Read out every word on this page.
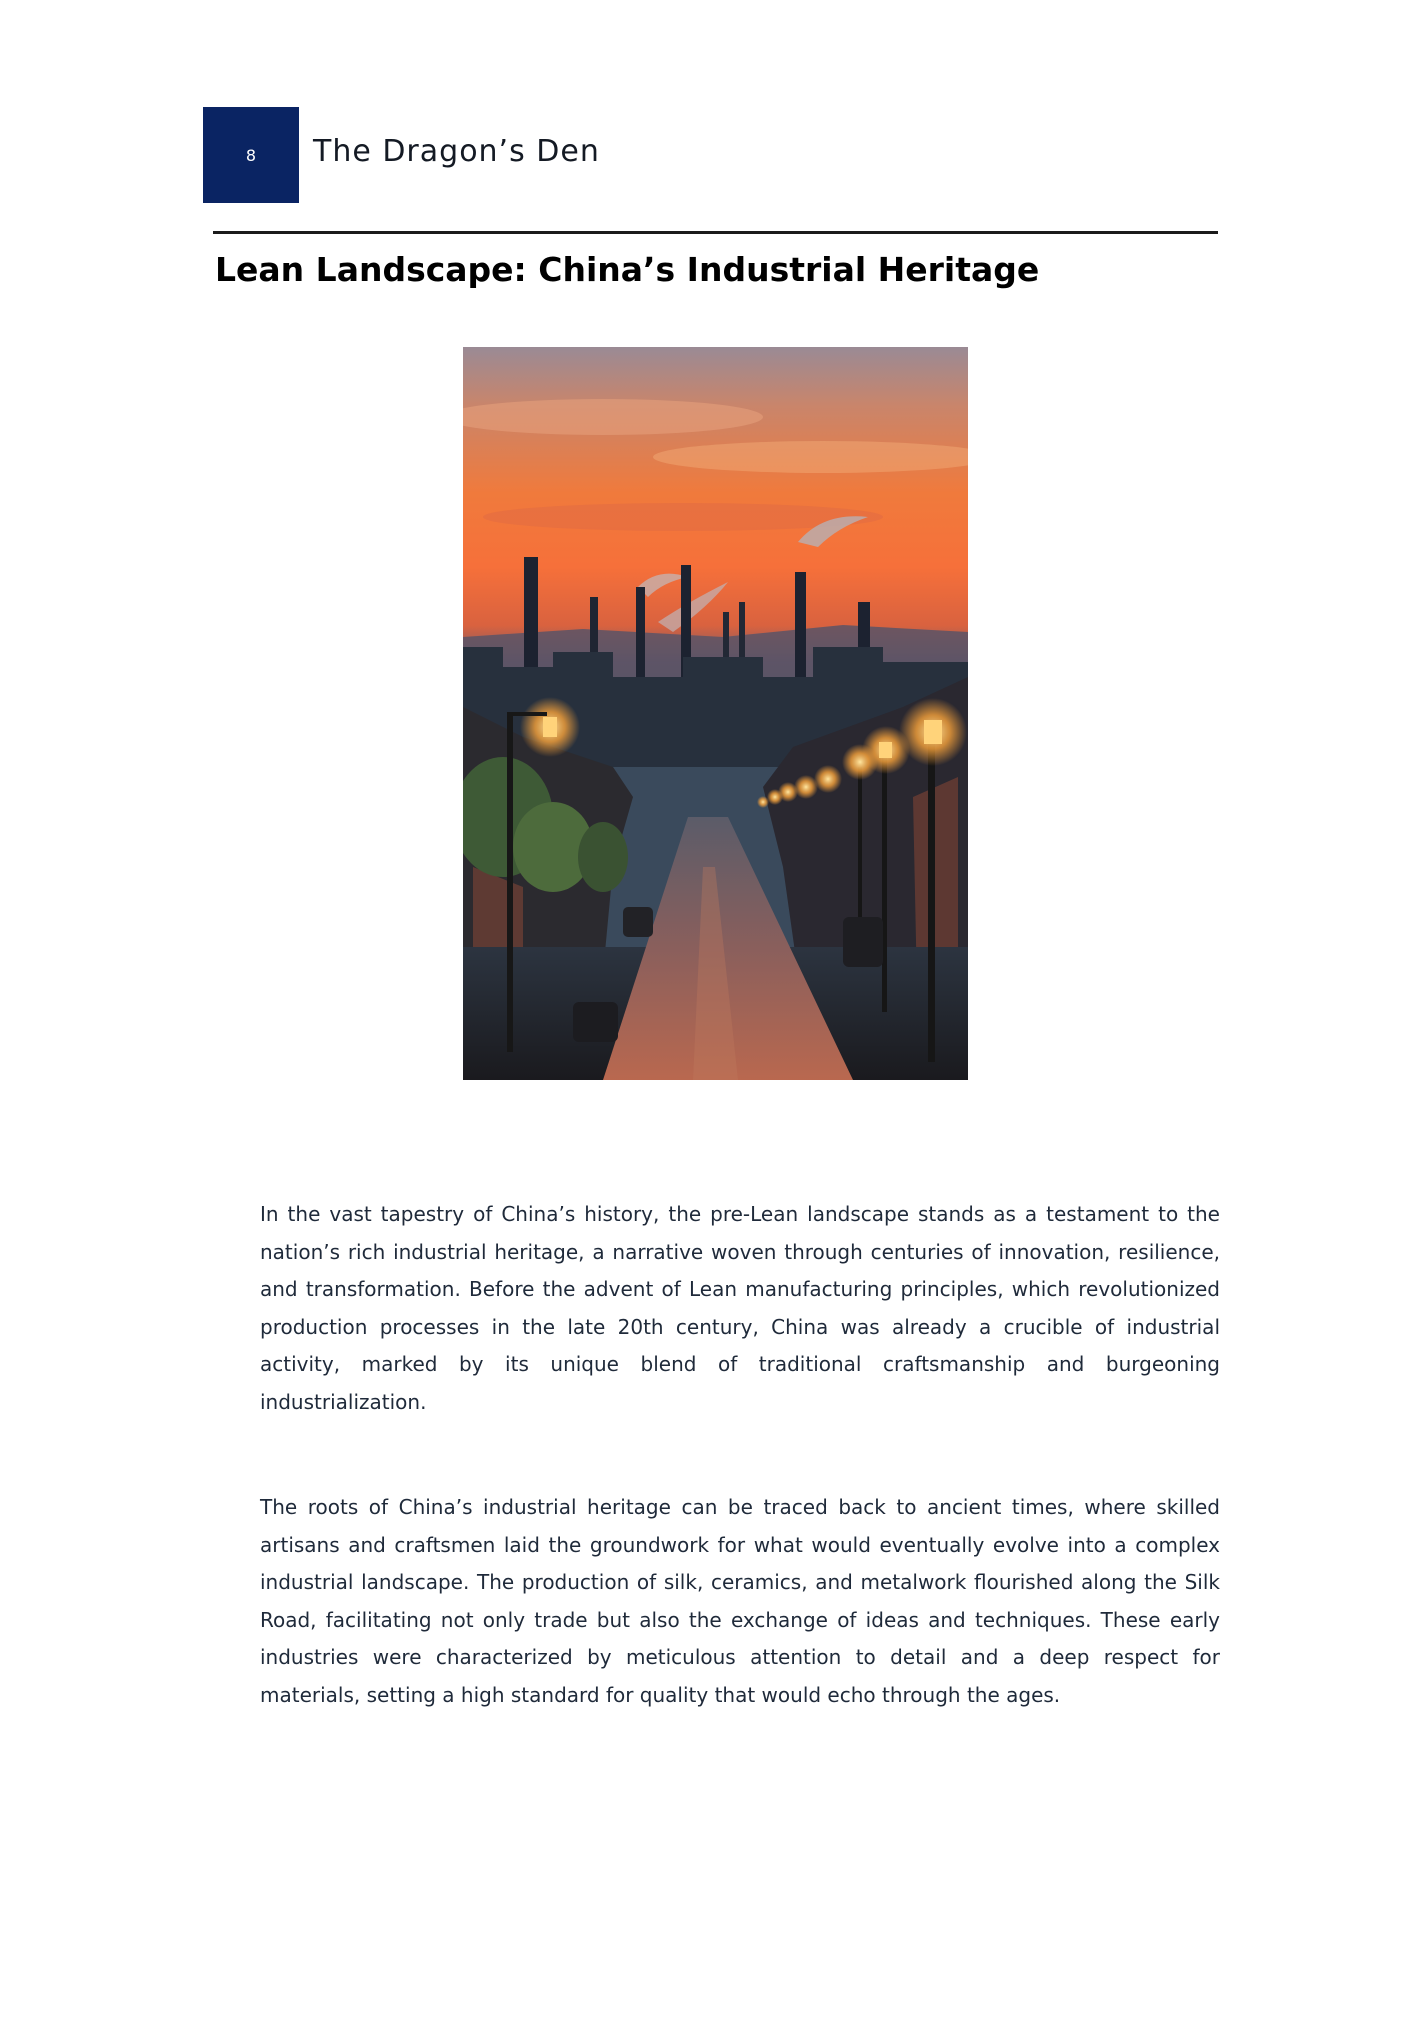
8 The Dragon’s Den
Lean Landscape: China’s Industrial Heritage

In the vast tapestry of China’s history, the pre-Lean landscape stands as a testament to the nation’s rich industrial heritage, a narrative woven through centuries of innovation, resilience, and transformation. Before the advent of Lean manufacturing principles, which revolutionized production processes in the late 20th century, China was already a crucible of industrial activity, marked by its unique blend of traditional craftsmanship and burgeoning industrialization.

The roots of China’s industrial heritage can be traced back to ancient times, where skilled artisans and craftsmen laid the groundwork for what would eventually evolve into a complex industrial landscape. The production of silk, ceramics, and metalwork flourished along the Silk Road, facilitating not only trade but also the exchange of ideas and techniques. These early industries were characterized by meticulous attention to detail and a deep respect for materials, setting a high standard for quality that would echo through the ages.
